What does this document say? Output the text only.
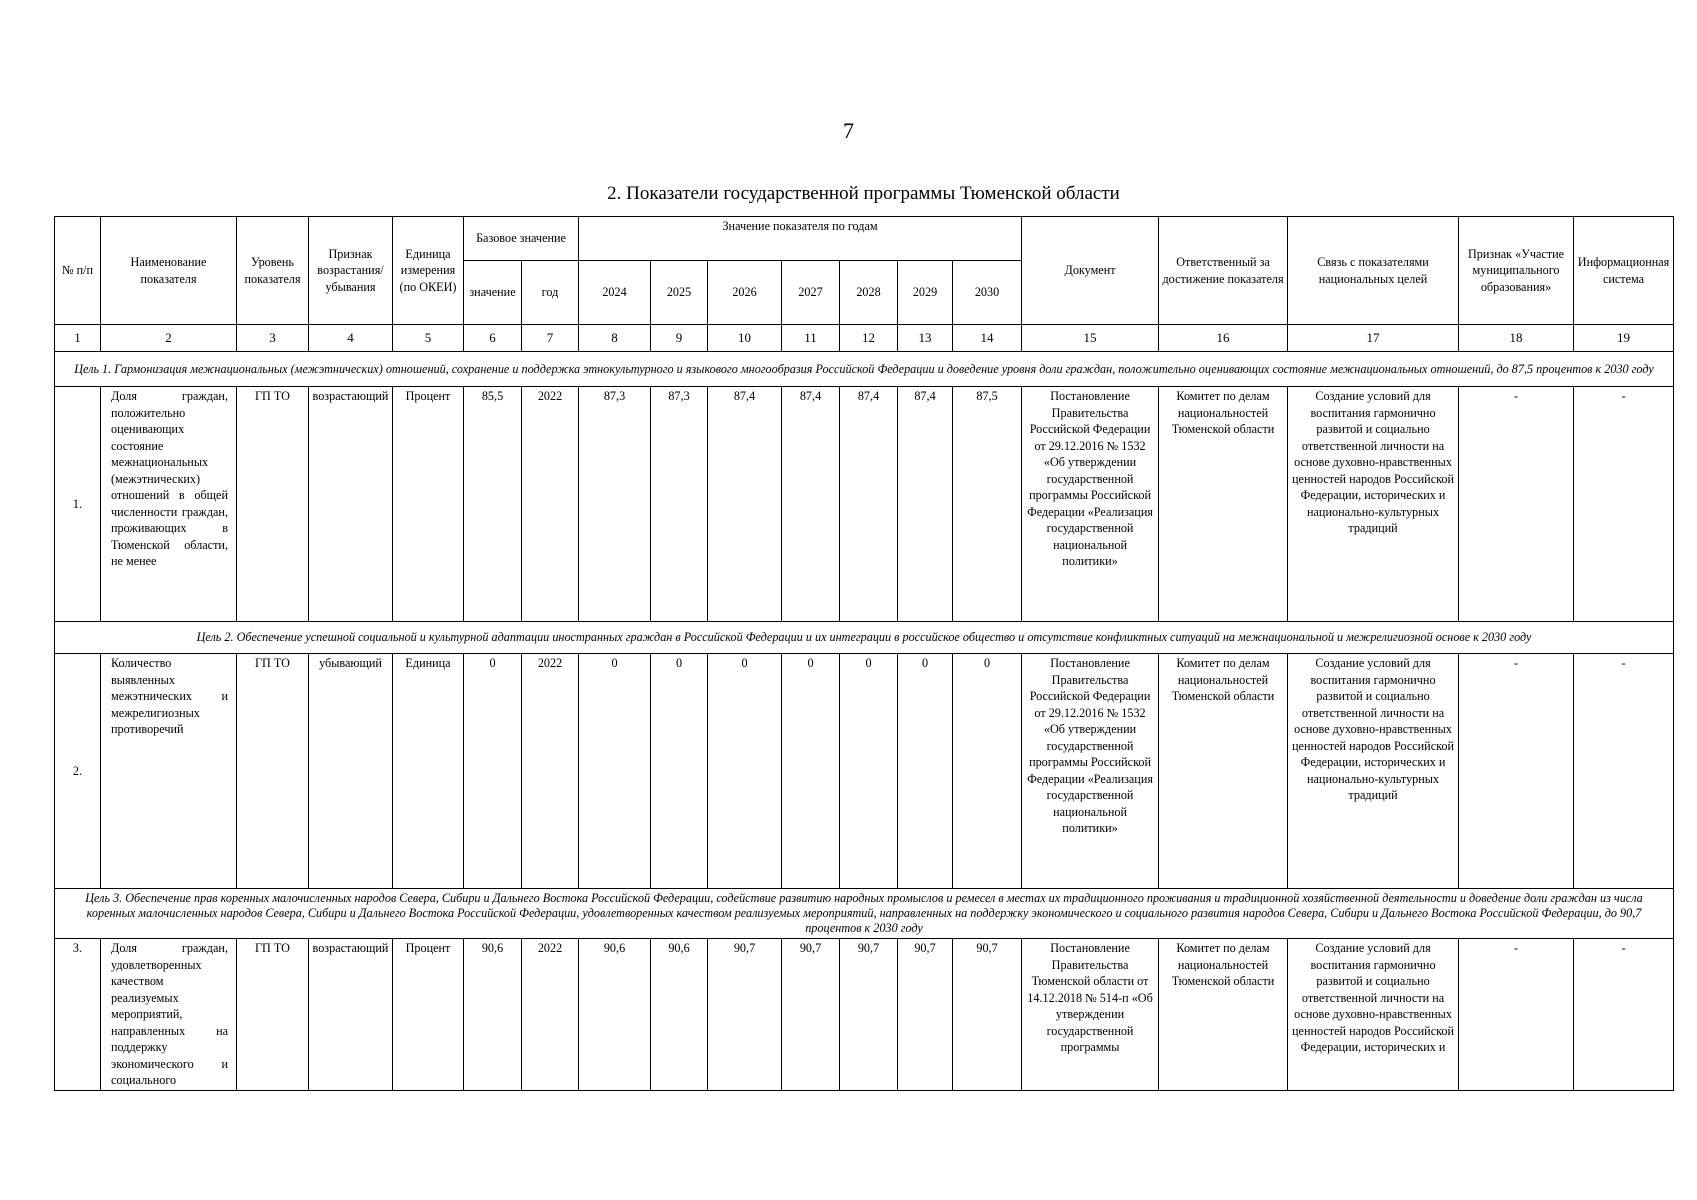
7
2. Показатели государственной программы Тюменской области
№ п/п	Наименование показателя	Уровень показателя	Признак возрастания/ убывания	Единица измерения (по ОКЕИ)	Базовое значение		Значение показателя по годам							Документ	Ответственный за достижение показателя	Связь с показателями национальных целей	Признак «Участие муниципального образования»	Информационная система
					значение	год	2024	2025	2026	2027	2028	2029	2030					
1	2	3	4	5	6	7	8	9	10	11	12	13	14	15	16	17	18	19
Цель 1. Гармонизация межнациональных (межэтнических) отношений, сохранение и поддержка этнокультурного и языкового многообразия Российской Федерации и доведение уровня доли граждан, положительно оценивающих состояние межнациональных отношений, до 87,5 процентов к 2030 году																		
1.	Доля граждан, положительно оценивающих состояние межнациональных (межэтнических) отношений в общей численности граждан, проживающих в Тюменской области, не менее	ГП ТО	возрастающий	Процент	85,5	2022	87,3	87,3	87,4	87,4	87,4	87,4	87,5	Постановление Правительства Российской Федерации от 29.12.2016 № 1532 «Об утверждении государственной программы Российской Федерации «Реализация государственной национальной политики»	Комитет по делам национальностей Тюменской области	Создание условий для воспитания гармонично развитой и социально ответственной личности на основе духовно-нравственных ценностей народов Российской Федерации, исторических и национально-культурных традиций	-	-
Цель 2. Обеспечение успешной социальной и культурной адаптации иностранных граждан в Российской Федерации и их интеграции в российское общество и отсутствие конфликтных ситуаций на межнациональной и межрелигиозной основе к 2030 году																		
2.	Количество выявленных межэтнических и межрелигиозных противоречий	ГП ТО	убывающий	Единица	0	2022	0	0	0	0	0	0	0	Постановление Правительства Российской Федерации от 29.12.2016 № 1532 «Об утверждении государственной программы Российской Федерации «Реализация государственной национальной политики»	Комитет по делам национальностей Тюменской области	Создание условий для воспитания гармонично развитой и социально ответственной личности на основе духовно-нравственных ценностей народов Российской Федерации, исторических и национально-культурных традиций	-	-
Цель 3. Обеспечение прав коренных малочисленных народов Севера, Сибири и Дальнего Востока Российской Федерации, содействие развитию народных промыслов и ремесел в местах их традиционного проживания и традиционной хозяйственной деятельности и доведение доли граждан из числа коренных малочисленных народов Севера, Сибири и Дальнего Востока Российской Федерации, удовлетворенных качеством реализуемых мероприятий, направленных на поддержку экономического и социального развития народов Севера, Сибири и Дальнего Востока Российской Федерации, до 90,7 процентов к 2030 году																		
3.	Доля граждан, удовлетворенных качеством реализуемых мероприятий, направленных на поддержку экономического и социального	ГП ТО	возрастающий	Процент	90,6	2022	90,6	90,6	90,7	90,7	90,7	90,7	90,7	Постановление Правительства Тюменской области от 14.12.2018 № 514-п «Об утверждении государственной программы	Комитет по делам национальностей Тюменской области	Создание условий для воспитания гармонично развитой и социально ответственной личности на основе духовно-нравственных ценностей народов Российской Федерации, исторических и	-	-
